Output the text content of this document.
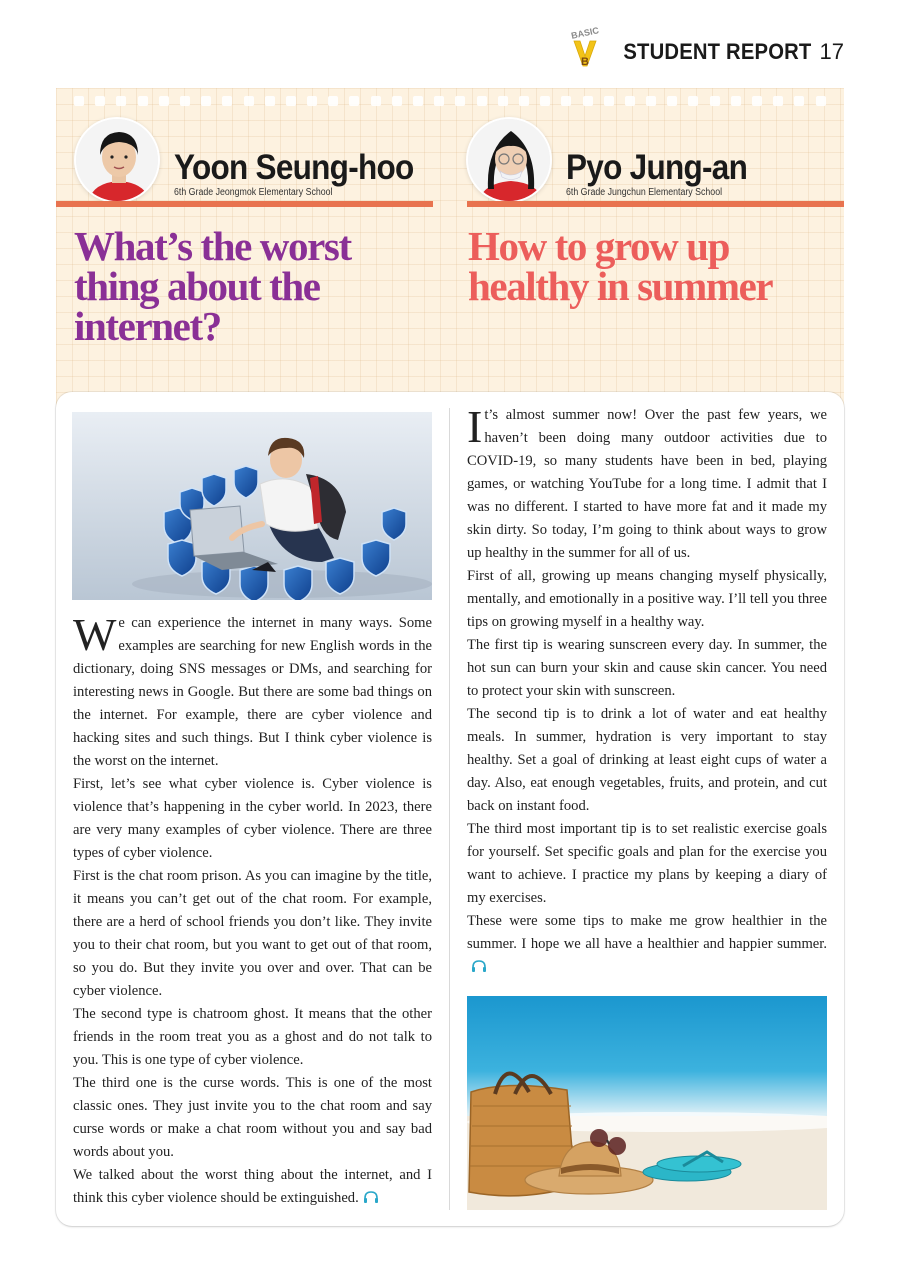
BASIC
B STUDENT REPORT 17
Yoon Seung-hoo
6th Grade Jeongmok Elementary School
Pyo Jung-an
6th Grade Jungchun Elementary School
What’s the worst thing about the internet?
How to grow up healthy in summer

We can experience the internet in many ways. Some examples are searching for new English words in the dictionary, doing SNS messages or DMs, and searching for interesting news in Google. But there are some bad things on the internet. For example, there are cyber violence and hacking sites and such things. But I think cyber violence is the worst on the internet.

First, let’s see what cyber violence is. Cyber violence is violence that’s happening in the cyber world. In 2023, there are very many examples of cyber violence. There are three types of cyber violence.

First is the chat room prison. As you can imagine by the title, it means you can’t get out of the chat room. For example, there are a herd of school friends you don’t like. They invite you to their chat room, but you want to get out of that room, so you do. But they invite you over and over. That can be cyber violence.

The second type is chatroom ghost. It means that the other friends in the room treat you as a ghost and do not talk to you. This is one type of cyber violence.

The third one is the curse words. This is one of the most classic ones. They just invite you to the chat room and say curse words or make a chat room without you and say bad words about you.

We talked about the worst thing about the internet, and I think this cyber violence should be extinguished.

It’s almost summer now! Over the past few years, we haven’t been doing many outdoor activities due to COVID-19, so many students have been in bed, playing games, or watching YouTube for a long time. I admit that I was no different. I started to have more fat and it made my skin dirty. So today, I’m going to think about ways to grow up healthy in the summer for all of us.

First of all, growing up means changing myself physically, mentally, and emotionally in a positive way. I’ll tell you three tips on growing myself in a healthy way.

The first tip is wearing sunscreen every day. In summer, the hot sun can burn your skin and cause skin cancer. You need to protect your skin with sunscreen.

The second tip is to drink a lot of water and eat healthy meals. In summer, hydration is very important to stay healthy. Set a goal of drinking at least eight cups of water a day. Also, eat enough vegetables, fruits, and protein, and cut back on instant food.

The third most important tip is to set realistic exercise goals for yourself. Set specific goals and plan for the exercise you want to achieve. I practice my plans by keeping a diary of my exercises.

These were some tips to make me grow healthier in the summer. I hope we all have a healthier and happier summer.
